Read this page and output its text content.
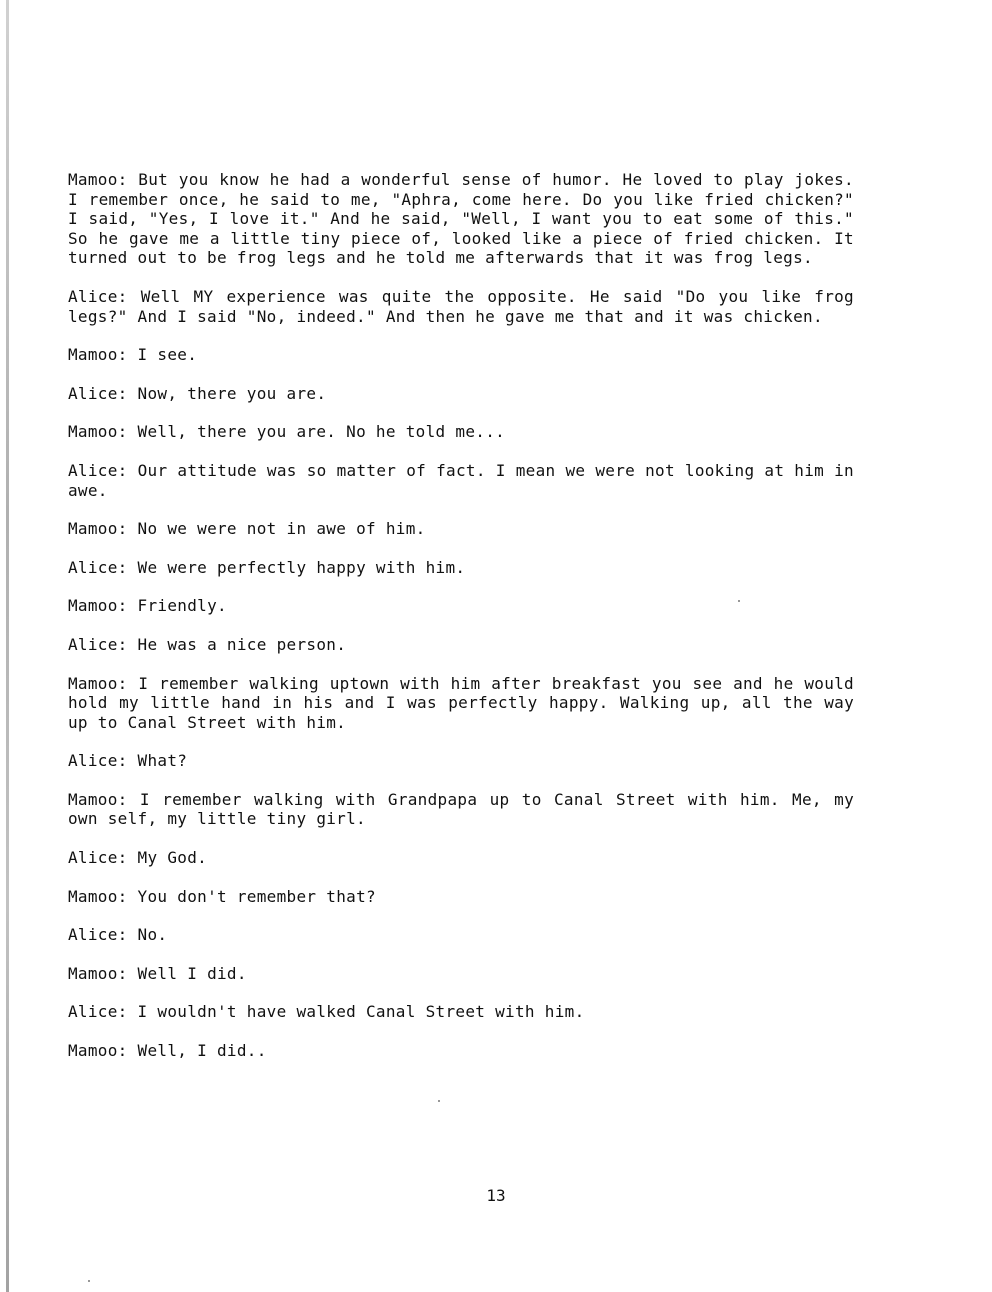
Mamoo: But you know he had a wonderful sense of humor. He loved to play jokes. I remember once, he said to me, "Aphra, come here. Do you like fried chicken?" I said, "Yes, I love it." And he said, "Well, I want you to eat some of this." So he gave me a little tiny piece of, looked like a piece of fried chicken. It turned out to be frog legs and he told me afterwards that it was frog legs.

Alice: Well MY experience was quite the opposite. He said "Do you like frog legs?" And I said "No, indeed." And then he gave me that and it was chicken.

Mamoo: I see.

Alice: Now, there you are.

Mamoo: Well, there you are. No he told me...

Alice: Our attitude was so matter of fact. I mean we were not looking at him in awe.

Mamoo: No we were not in awe of him.

Alice: We were perfectly happy with him.

Mamoo: Friendly.

Alice: He was a nice person.

Mamoo: I remember walking uptown with him after breakfast you see and he would hold my little hand in his and I was perfectly happy. Walking up, all the way up to Canal Street with him.

Alice: What?

Mamoo: I remember walking with Grandpapa up to Canal Street with him. Me, my own self, my little tiny girl.

Alice: My God.

Mamoo: You don't remember that?

Alice: No.

Mamoo: Well I did.

Alice: I wouldn't have walked Canal Street with him.

Mamoo: Well, I did..

13
